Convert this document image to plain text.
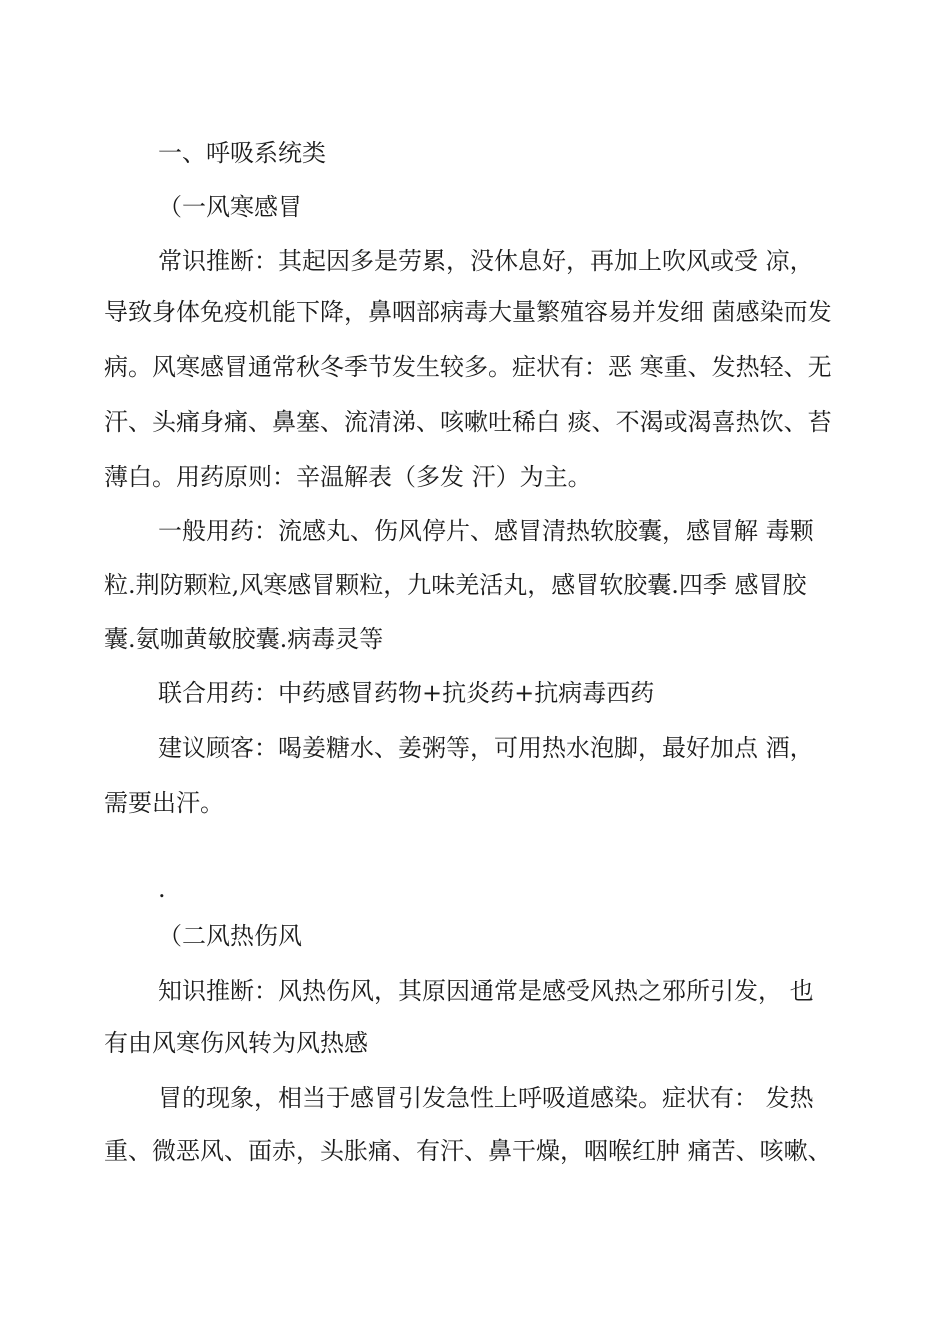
一、呼吸系统类
（一风寒感冒
常识推断：其起因多是劳累，没休息好，再加上吹风或受 凉，
导致身体免疫机能下降，鼻咽部病毒大量繁殖容易并发细 菌感染而发
病。风寒感冒通常秋冬季节发生较多。症状有：恶 寒重、发热轻、无
汗、头痛身痛、鼻塞、流清涕、咳嗽吐稀白 痰、不渴或渴喜热饮、苔
薄白。用药原则：辛温解表（多发 汗）为主。
一般用药：流感丸、伤风停片、感冒清热软胶囊，感冒解 毒颗
粒.荆防颗粒,风寒感冒颗粒，九味羌活丸，感冒软胶囊.四季 感冒胶
囊.氨咖黄敏胶囊.病毒灵等
联合用药：中药感冒药物+抗炎药+抗病毒西药
建议顾客：喝姜糖水、姜粥等，可用热水泡脚，最好加点 酒，
需要出汗。
.
（二风热伤风
知识推断：风热伤风，其原因通常是感受风热之邪所引发， 也
有由风寒伤风转为风热感
冒的现象，相当于感冒引发急性上呼吸道感染。症状有： 发热
重、微恶风、面赤，头胀痛、有汗、鼻干燥，咽喉红肿 痛苦、咳嗽、
